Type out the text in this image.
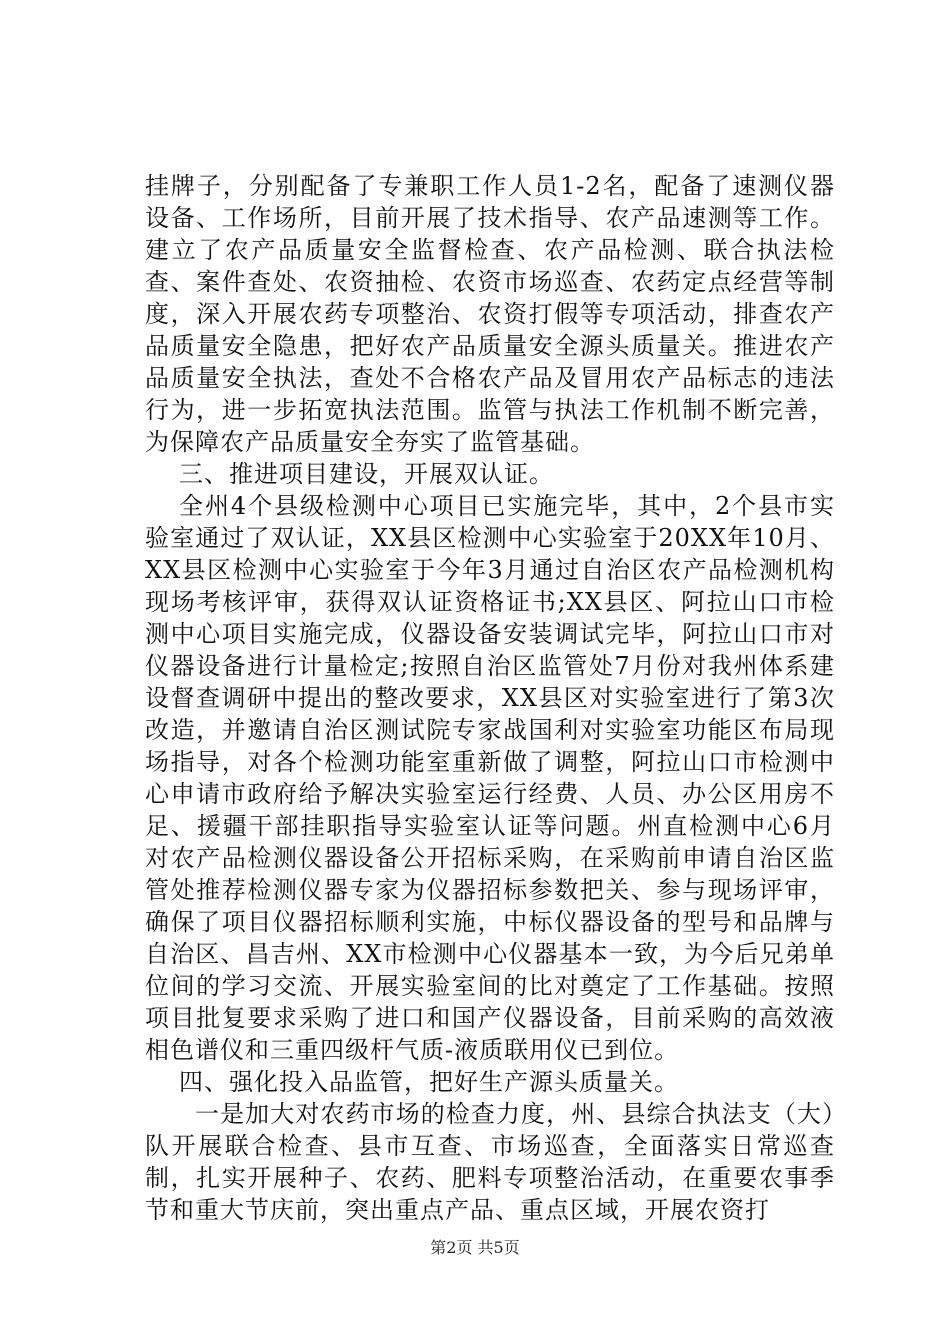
挂牌子，分别配备了专兼职工作人员1-2名，配备了速测仪器设备、工作场所，目前开展了技术指导、农产品速测等工作。建立了农产品质量安全监督检查、农产品检测、联合执法检查、案件查处、农资抽检、农资市场巡查、农药定点经营等制度，深入开展农药专项整治、农资打假等专项活动，排查农产品质量安全隐患，把好农产品质量安全源头质量关。推进农产品质量安全执法，查处不合格农产品及冒用农产品标志的违法行为，进一步拓宽执法范围。监管与执法工作机制不断完善，为保障农产品质量安全夯实了监管基础。

三、推进项目建设，开展双认证。

全州4个县级检测中心项目已实施完毕，其中，2个县市实验室通过了双认证，XX县区检测中心实验室于20XX年10月、XX县区检测中心实验室于今年3月通过自治区农产品检测机构现场考核评审，获得双认证资格证书;XX县区、阿拉山口市检测中心项目实施完成，仪器设备安装调试完毕，阿拉山口市对仪器设备进行计量检定;按照自治区监管处7月份对我州体系建设督查调研中提出的整改要求，XX县区对实验室进行了第3次改造，并邀请自治区测试院专家战国利对实验室功能区布局现场指导，对各个检测功能室重新做了调整，阿拉山口市检测中心申请市政府给予解决实验室运行经费、人员、办公区用房不足、援疆干部挂职指导实验室认证等问题。州直检测中心6月对农产品检测仪器设备公开招标采购，在采购前申请自治区监管处推荐检测仪器专家为仪器招标参数把关、参与现场评审，确保了项目仪器招标顺利实施，中标仪器设备的型号和品牌与自治区、昌吉州、XX市检测中心仪器基本一致，为今后兄弟单位间的学习交流、开展实验室间的比对奠定了工作基础。按照项目批复要求采购了进口和国产仪器设备，目前采购的高效液相色谱仪和三重四级杆气质-液质联用仪已到位。

四、强化投入品监管，把好生产源头质量关。

一是加大对农药市场的检查力度，州、县综合执法支（大）队开展联合检查、县市互查、市场巡查，全面落实日常巡查制，扎实开展种子、农药、肥料专项整治活动，在重要农事季节和重大节庆前，突出重点产品、重点区域，开展农资打

第2页 共5页
